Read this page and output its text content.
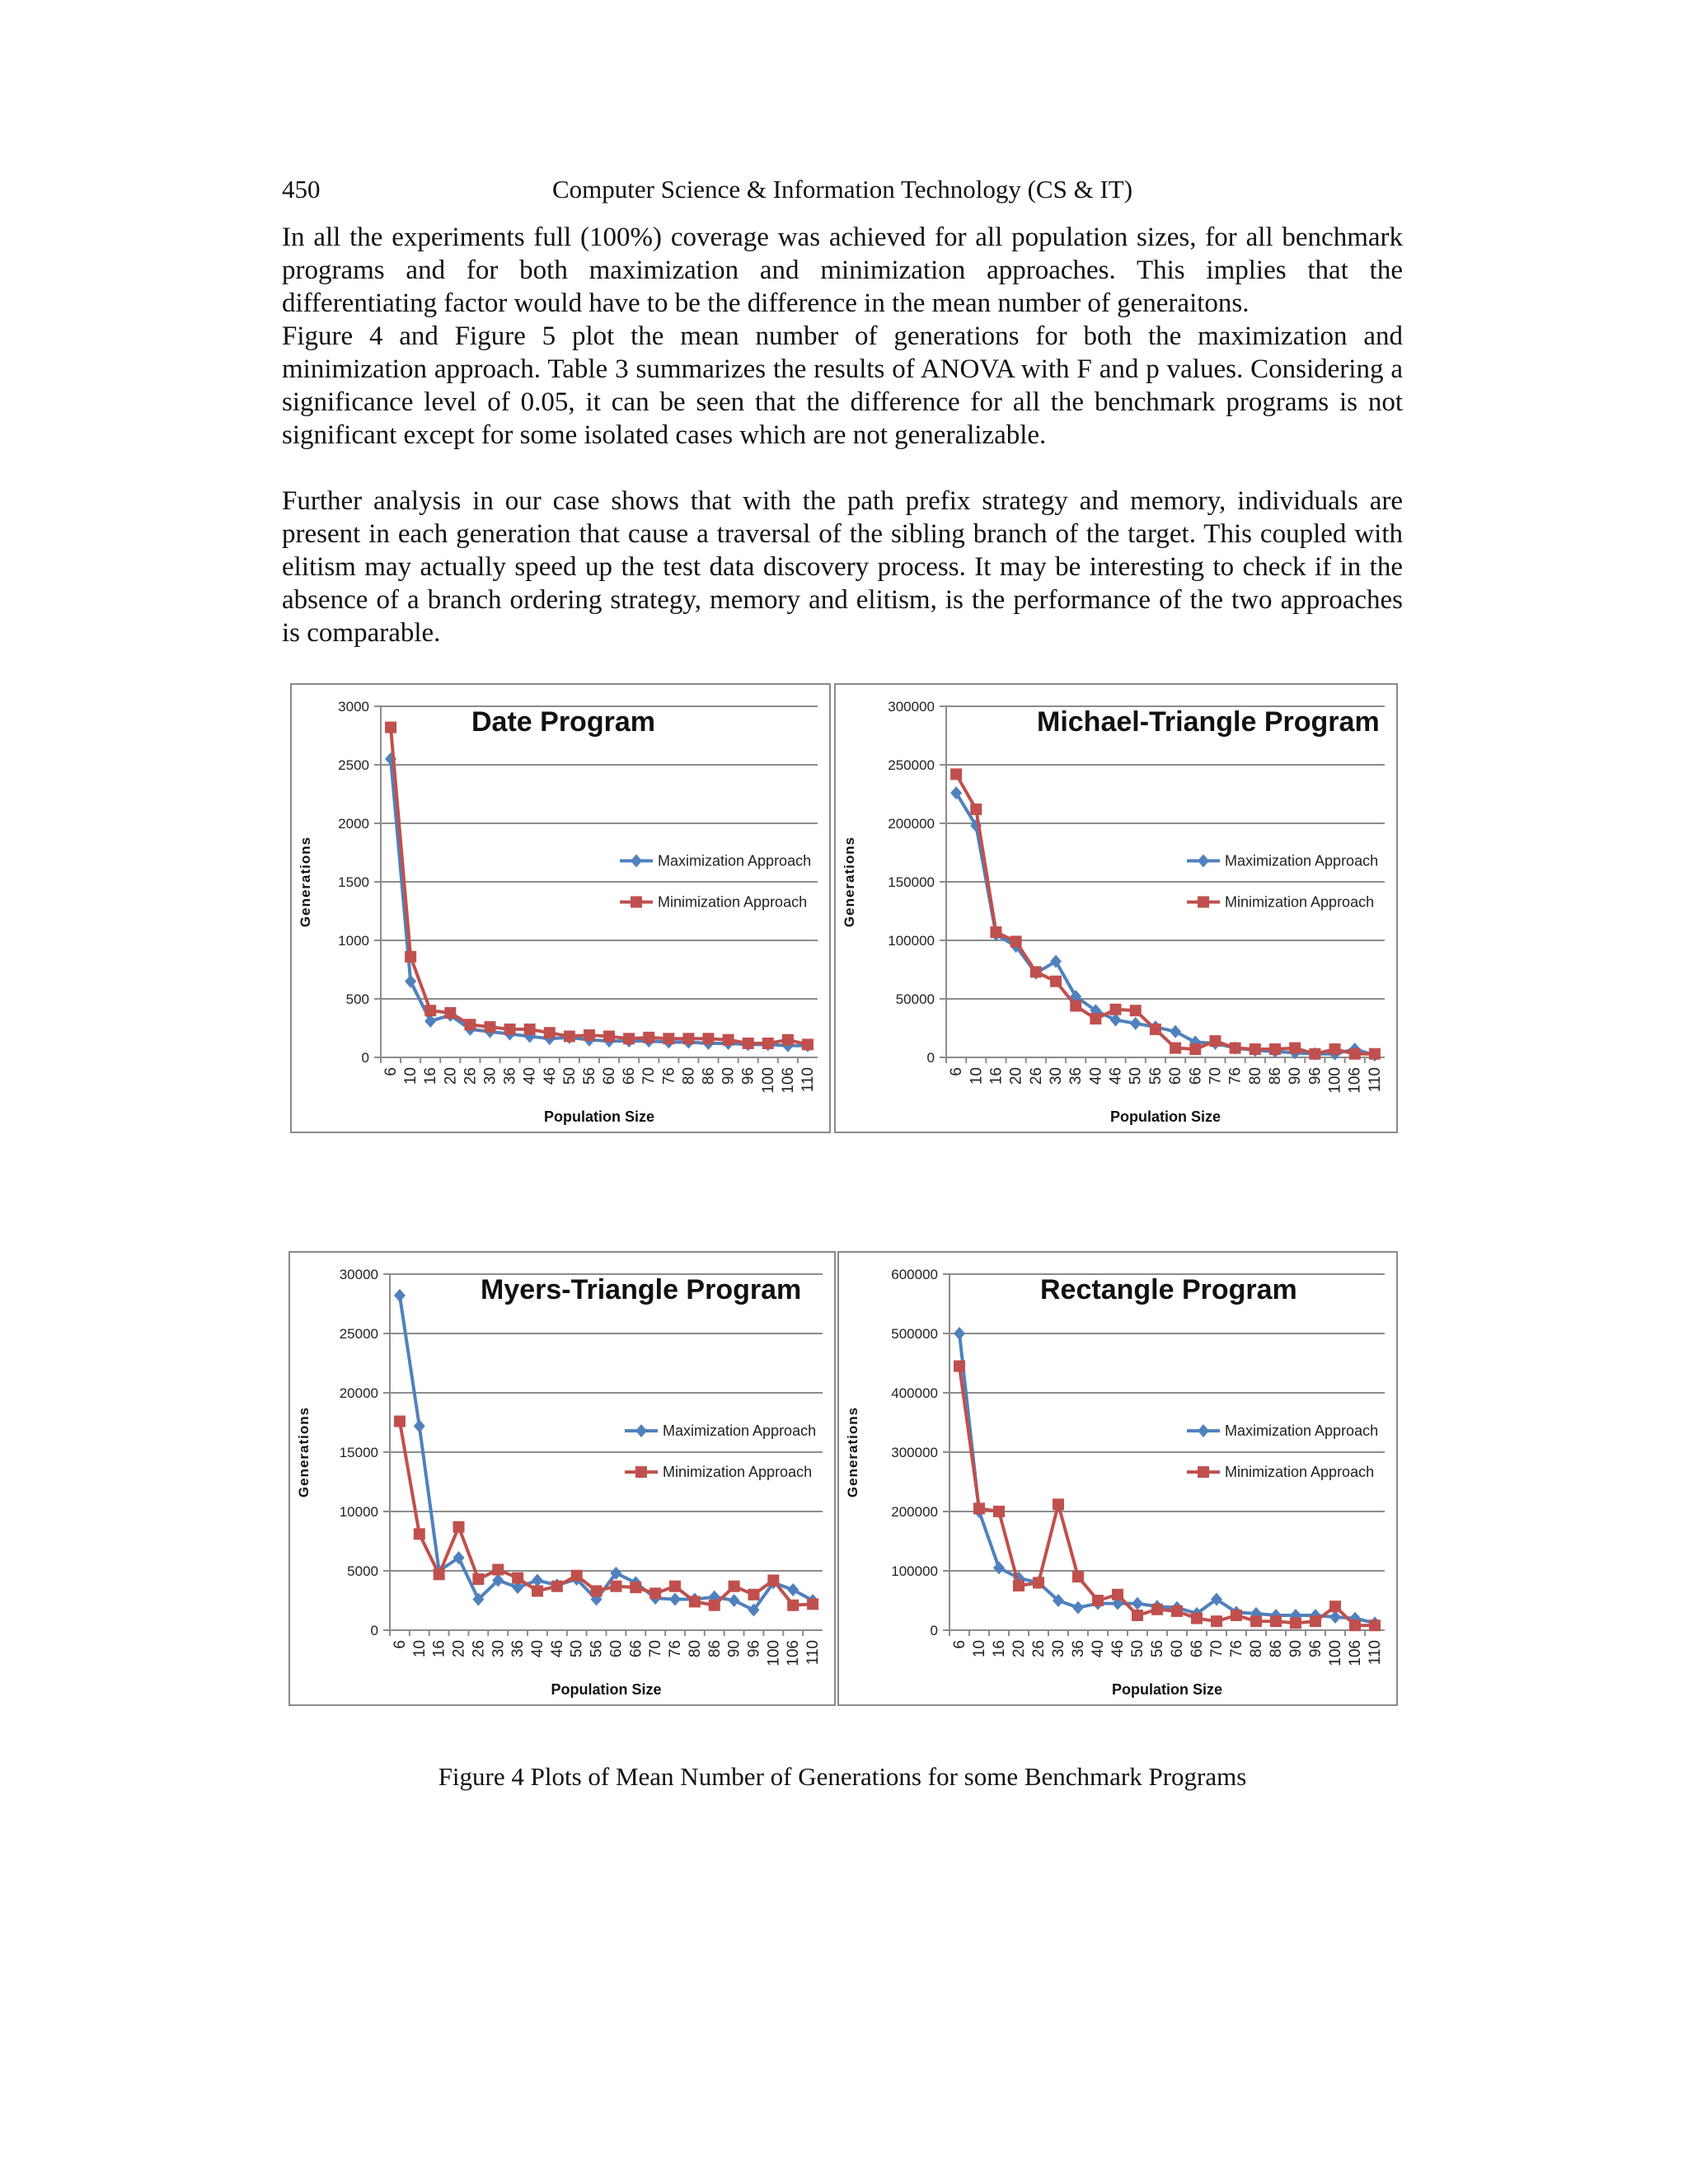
450	Computer Science & Information Technology (CS & IT)

In all the experiments full (100%) coverage was achieved for all population sizes, for all benchmark programs and for both maximization and minimization approaches. This implies that the differentiating factor would have to be the difference in the mean number of generaitons.

Figure 4 and Figure 5 plot the mean number of generations for both the maximization and minimization approach. Table 3 summarizes the results of ANOVA with F and p values. Considering a significance level of 0.05, it can be seen that the difference for all the benchmark programs is not significant except for some isolated cases which are not generalizable.

Further analysis in our case shows that with the path prefix strategy and memory, individuals are present in each generation that cause a traversal of the sibling branch of the target. This coupled with elitism may actually speed up the test data discovery process. It may be interesting to check if in the absence of a branch ordering strategy, memory and elitism, is the performance of the two approaches is comparable.

0
500
1000
1500
2000
2500
3000
6 10 16 20 26 30 36 40 46 50 56 60 66 70 76 80 86 90 96 100 106 110
Date Program
Population Size
Generations	Maximization Approach
Minimization Approach
0
50000
100000
150000
200000
250000
300000
6 10 16 20 26 30 36 40 46 50 56 60 66 70 76 80 86 90 96 100 106 110
Michael-Triangle Program
Population Size
Generations	Maximization Approach
Minimization Approach
0
5000
10000
15000
20000
25000
30000
6 10 16 20 26 30 36 40 46 50 56 60 66 70 76 80 86 90 96 100 106 110
Myers-Triangle Program
Population Size
Generations	Maximization Approach
Minimization Approach
0
100000
200000
300000
400000
500000
600000
6 10 16 20 26 30 36 40 46 50 56 60 66 70 76 80 86 90 96 100 106 110
Rectangle Program
Population Size
Generations	Maximization Approach
Minimization Approach
Figure 4 Plots of Mean Number of Generations for some Benchmark Programs
